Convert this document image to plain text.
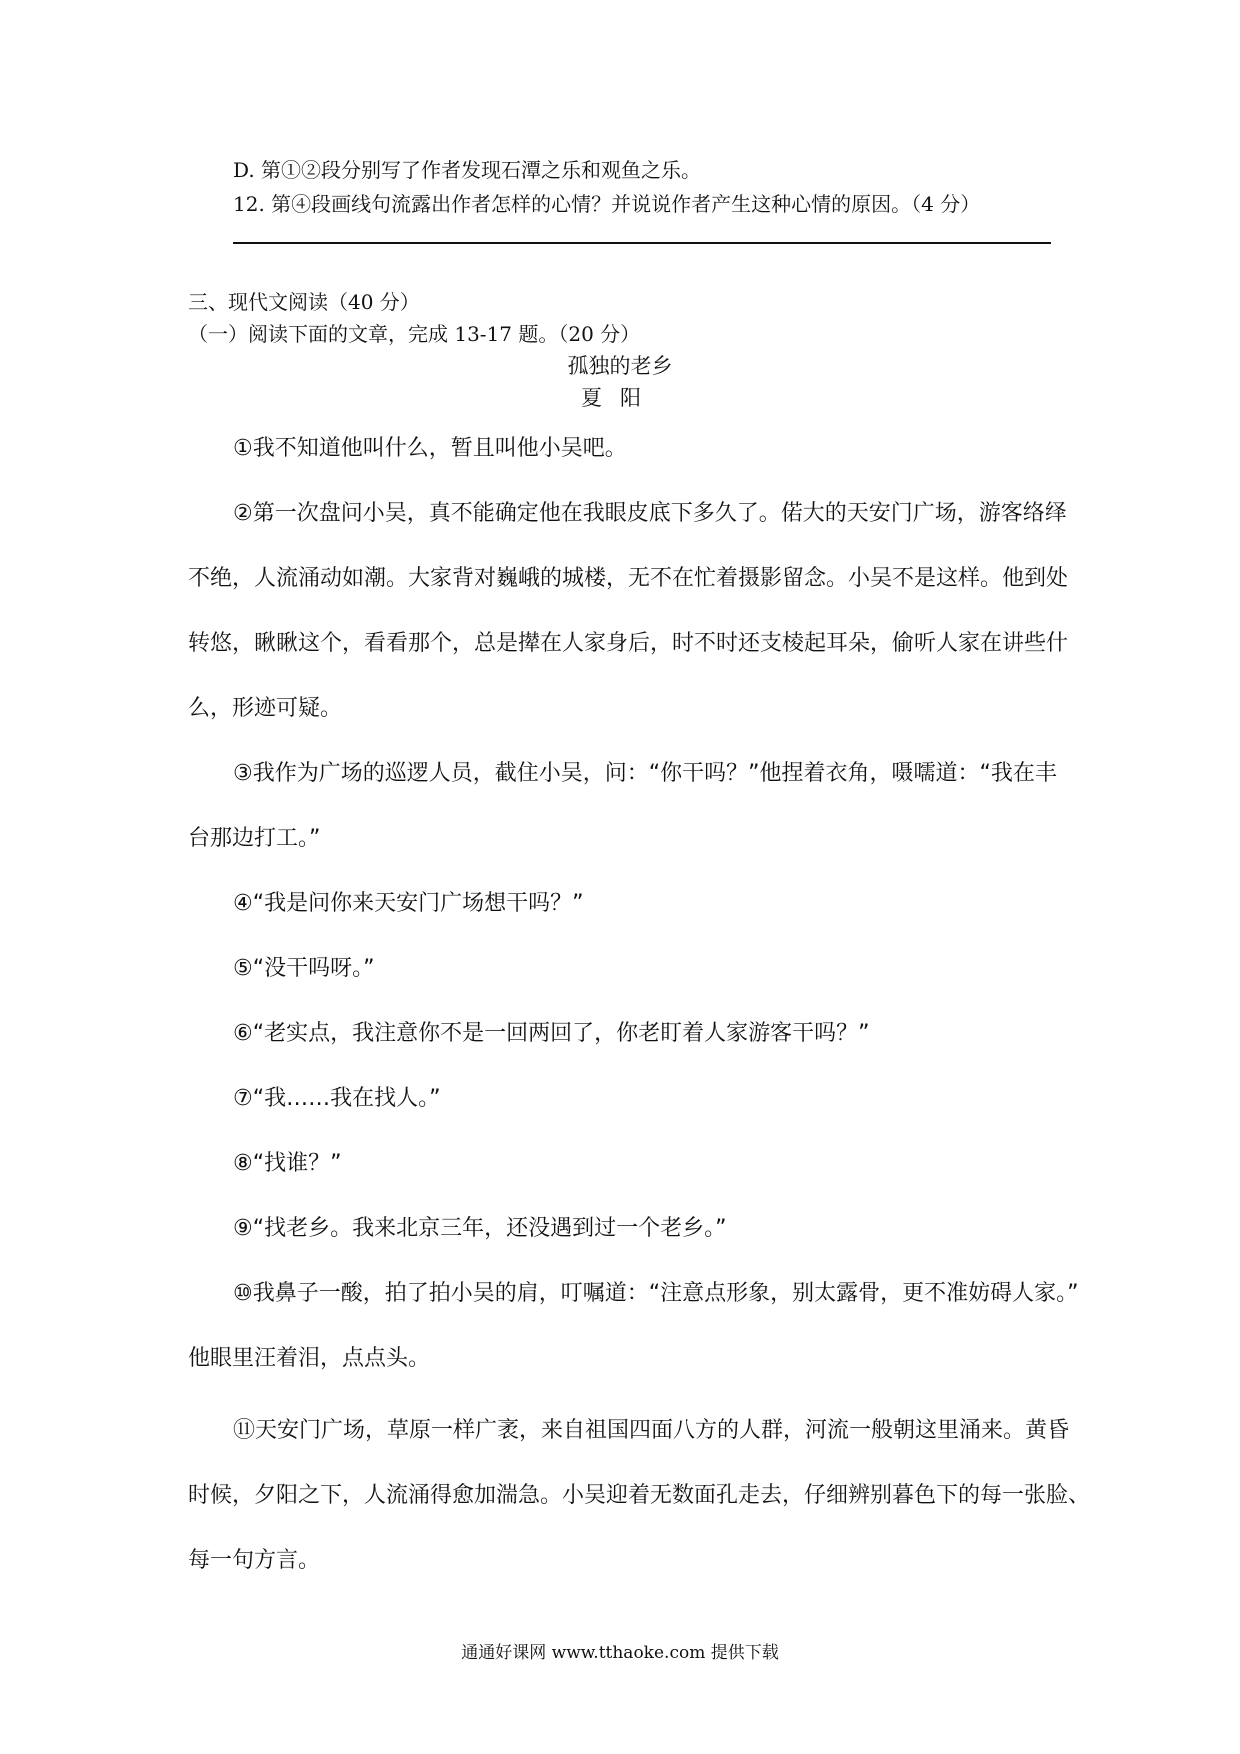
D. 第①②段分别写了作者发现石潭之乐和观鱼之乐。
12. 第④段画线句流露出作者怎样的心情？并说说作者产生这种心情的原因。（4 分）
三、现代文阅读（40 分）
（一）阅读下面的文章，完成 13-17 题。（20 分）
孤独的老乡
夏阳
①我不知道他叫什么，暂且叫他小吴吧。
②第一次盘问小吴，真不能确定他在我眼皮底下多久了。偌大的天安门广场，游客络绎
不绝，人流涌动如潮。大家背对巍峨的城楼，无不在忙着摄影留念。小吴不是这样。他到处
转悠，瞅瞅这个，看看那个，总是撵在人家身后，时不时还支棱起耳朵，偷听人家在讲些什
么，形迹可疑。
③我作为广场的巡逻人员，截住小吴，问：“你干吗？”他捏着衣角，嗫嚅道：“我在丰
台那边打工。”
④“我是问你来天安门广场想干吗？”
⑤“没干吗呀。”
⑥“老实点，我注意你不是一回两回了，你老盯着人家游客干吗？”
⑦“我……我在找人。”
⑧“找谁？”
⑨“找老乡。我来北京三年，还没遇到过一个老乡。”
⑩我鼻子一酸，拍了拍小吴的肩，叮嘱道：“注意点形象，别太露骨，更不准妨碍人家。”
他眼里汪着泪，点点头。
⑪天安门广场，草原一样广袤，来自祖国四面八方的人群，河流一般朝这里涌来。黄昏
时候，夕阳之下，人流涌得愈加湍急。小吴迎着无数面孔走去，仔细辨别暮色下的每一张脸、
每一句方言。
通通好课网 www.tthaoke.com 提供下载
